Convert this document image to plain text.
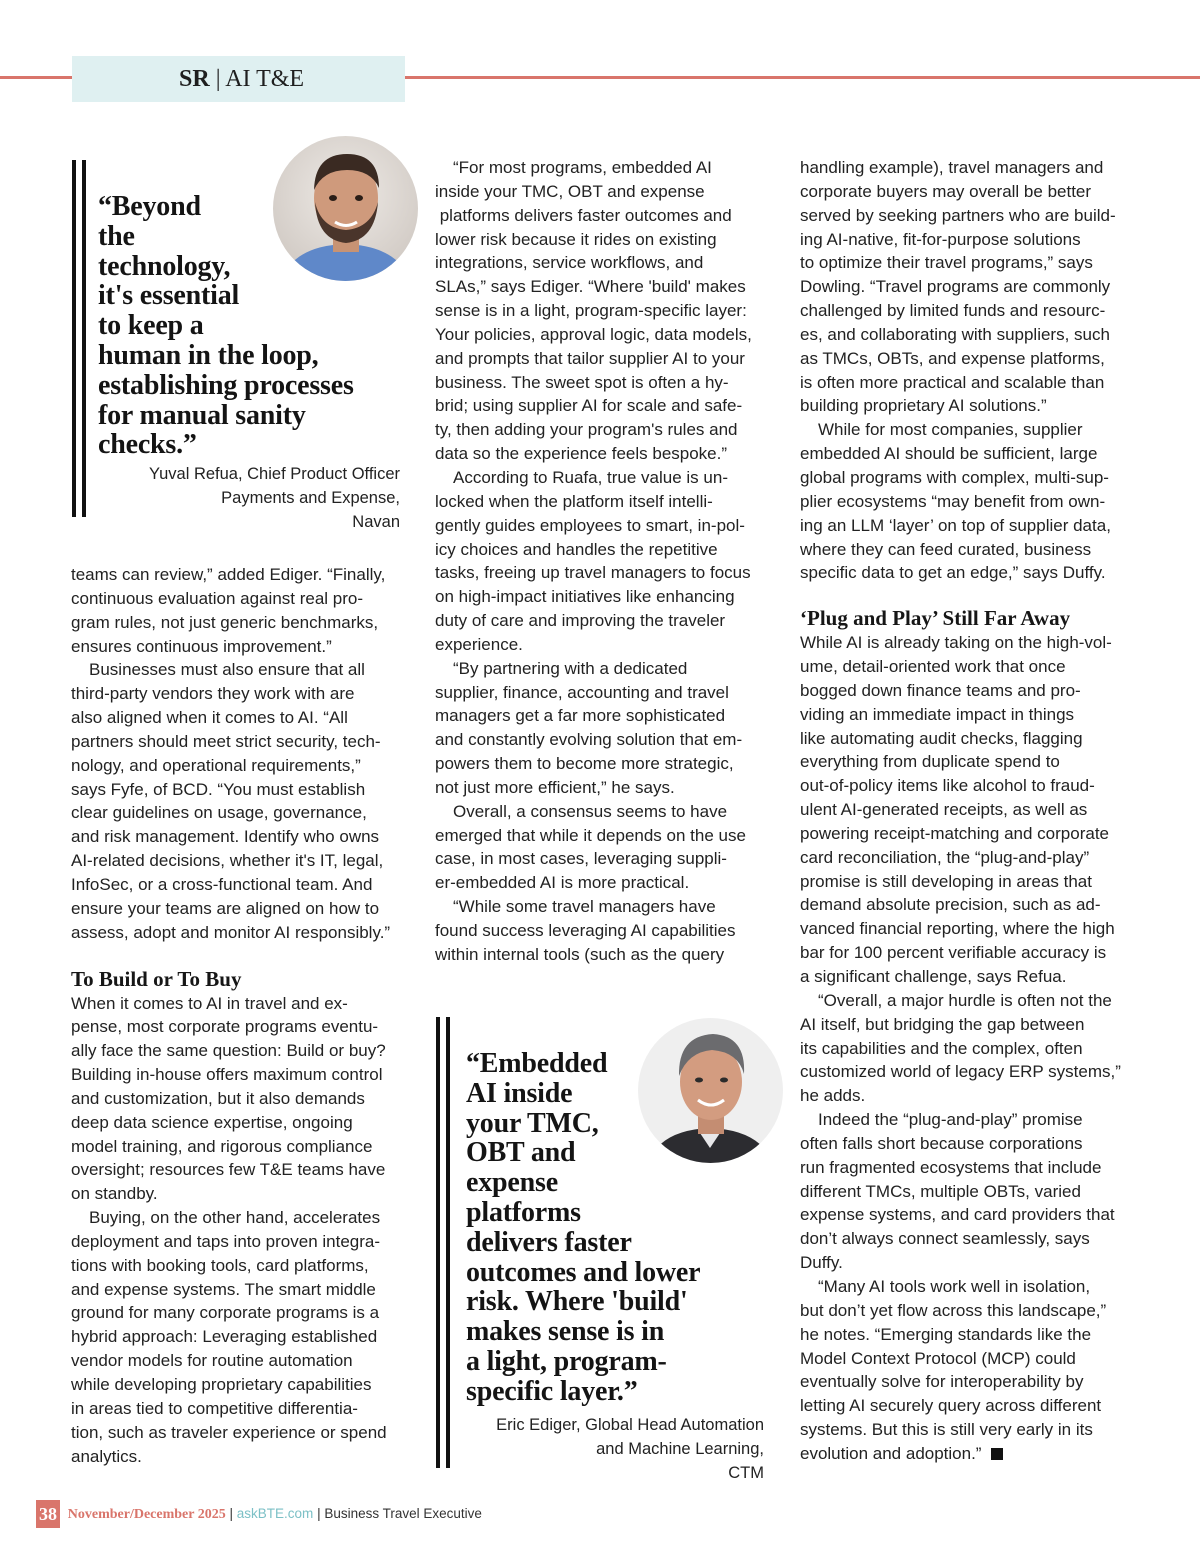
SR | AI T&E

“Beyond
the
technology,
it's essential
to keep a
human in the loop,
establishing processes
for manual sanity
checks.”

Yuval Refua, Chief Product Officer
Payments and Expense,
Navan

teams can review,” added Ediger. “Finally,
continuous evaluation against real pro-
gram rules, not just generic benchmarks,
ensures continuous improvement.”

Businesses must also ensure that all
third-party vendors they work with are
also aligned when it comes to AI. “All
partners should meet strict security, tech-
nology, and operational requirements,”
says Fyfe, of BCD. “You must establish
clear guidelines on usage, governance,
and risk management. Identify who owns
AI-related decisions, whether it's IT, legal,
InfoSec, or a cross-functional team. And
ensure your teams are aligned on how to
assess, adopt and monitor AI responsibly.”

To Build or To Buy

When it comes to AI in travel and ex-
pense, most corporate programs eventu-
ally face the same question: Build or buy?
Building in-house offers maximum control
and customization, but it also demands
deep data science expertise, ongoing
model training, and rigorous compliance
oversight; resources few T&E teams have
on standby.

Buying, on the other hand, accelerates
deployment and taps into proven integra-
tions with booking tools, card platforms,
and expense systems. The smart middle
ground for many corporate programs is a
hybrid approach: Leveraging established
vendor models for routine automation
while developing proprietary capabilities
in areas tied to competitive differentia-
tion, such as traveler experience or spend
analytics.

“For most programs, embedded AI
inside your TMC, OBT and expense
platforms delivers faster outcomes and
lower risk because it rides on existing
integrations, service workflows, and
SLAs,” says Ediger. “Where 'build' makes
sense is in a light, program-specific layer:
Your policies, approval logic, data models,
and prompts that tailor supplier AI to your
business. The sweet spot is often a hy-
brid; using supplier AI for scale and safe-
ty, then adding your program's rules and
data so the experience feels bespoke.”

According to Ruafa, true value is un-
locked when the platform itself intelli-
gently guides employees to smart, in-pol-
icy choices and handles the repetitive
tasks, freeing up travel managers to focus
on high-impact initiatives like enhancing
duty of care and improving the traveler
experience.

“By partnering with a dedicated
supplier, finance, accounting and travel
managers get a far more sophisticated
and constantly evolving solution that em-
powers them to become more strategic,
not just more efficient,” he says.

Overall, a consensus seems to have
emerged that while it depends on the use
case, in most cases, leveraging suppli-
er-embedded AI is more practical.

“While some travel managers have
found success leveraging AI capabilities
within internal tools (such as the query

“Embedded
AI inside
your TMC,
OBT and
expense
platforms
delivers faster
outcomes and lower
risk. Where 'build'
makes sense is in
a light, program-
specific layer.”

Eric Ediger, Global Head Automation
and Machine Learning,
CTM

handling example), travel managers and
corporate buyers may overall be better
served by seeking partners who are build-
ing AI-native, fit-for-purpose solutions
to optimize their travel programs,” says
Dowling. “Travel programs are commonly
challenged by limited funds and resourc-
es, and collaborating with suppliers, such
as TMCs, OBTs, and expense platforms,
is often more practical and scalable than
building proprietary AI solutions.”

While for most companies, supplier
embedded AI should be sufficient, large
global programs with complex, multi-sup-
plier ecosystems “may benefit from own-
ing an LLM ‘layer’ on top of supplier data,
where they can feed curated, business
specific data to get an edge,” says Duffy.

‘Plug and Play’ Still Far Away

While AI is already taking on the high-vol-
ume, detail-oriented work that once
bogged down finance teams and pro-
viding an immediate impact in things
like automating audit checks, flagging
everything from duplicate spend to
out-of-policy items like alcohol to fraud-
ulent AI-generated receipts, as well as
powering receipt-matching and corporate
card reconciliation, the “plug-and-play”
promise is still developing in areas that
demand absolute precision, such as ad-
vanced financial reporting, where the high
bar for 100 percent verifiable accuracy is
a significant challenge, says Refua.

“Overall, a major hurdle is often not the
AI itself, but bridging the gap between
its capabilities and the complex, often
customized world of legacy ERP systems,”
he adds.

Indeed the “plug-and-play” promise
often falls short because corporations
run fragmented ecosystems that include
different TMCs, multiple OBTs, varied
expense systems, and card providers that
don’t always connect seamlessly, says
Duffy.

“Many AI tools work well in isolation,
but don’t yet flow across this landscape,”
he notes. “Emerging standards like the
Model Context Protocol (MCP) could
eventually solve for interoperability by
letting AI securely query across different
systems. But this is still very early in its
evolution and adoption.”

38 November/December 2025 | askBTE.com | Business Travel Executive
